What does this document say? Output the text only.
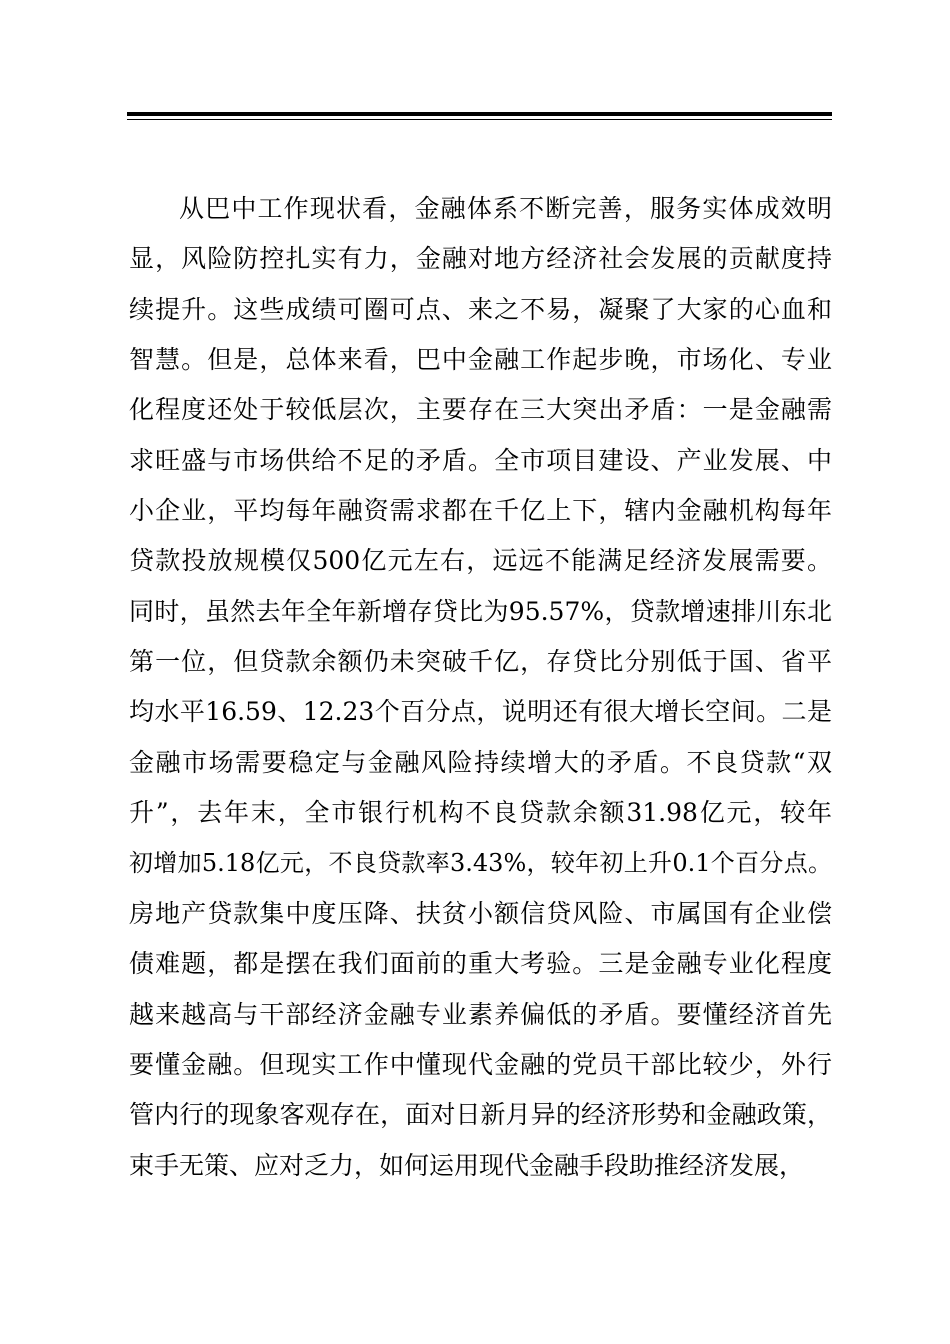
从巴中工作现状看，金融体系不断完善，服务实体成效明
显，风险防控扎实有力，金融对地方经济社会发展的贡献度持
续提升。这些成绩可圈可点、来之不易，凝聚了大家的心血和
智慧。但是，总体来看，巴中金融工作起步晚，市场化、专业
化程度还处于较低层次，主要存在三大突出矛盾：一是金融需
求旺盛与市场供给不足的矛盾。全市项目建设、产业发展、中
小企业，平均每年融资需求都在千亿上下，辖内金融机构每年
贷款投放规模仅500亿元左右，远远不能满足经济发展需要。
同时，虽然去年全年新增存贷比为95.57%，贷款增速排川东北
第一位，但贷款余额仍未突破千亿，存贷比分别低于国、省平
均水平16.59、12.23个百分点，说明还有很大增长空间。二是
金融市场需要稳定与金融风险持续增大的矛盾。不良贷款“双
升”，去年末，全市银行机构不良贷款余额31.98亿元，较年
初增加5.18亿元，不良贷款率3.43%，较年初上升0.1个百分点。
房地产贷款集中度压降、扶贫小额信贷风险、市属国有企业偿
债难题，都是摆在我们面前的重大考验。三是金融专业化程度
越来越高与干部经济金融专业素养偏低的矛盾。要懂经济首先
要懂金融。但现实工作中懂现代金融的党员干部比较少，外行
管内行的现象客观存在，面对日新月异的经济形势和金融政策，
束手无策、应对乏力，如何运用现代金融手段助推经济发展，
